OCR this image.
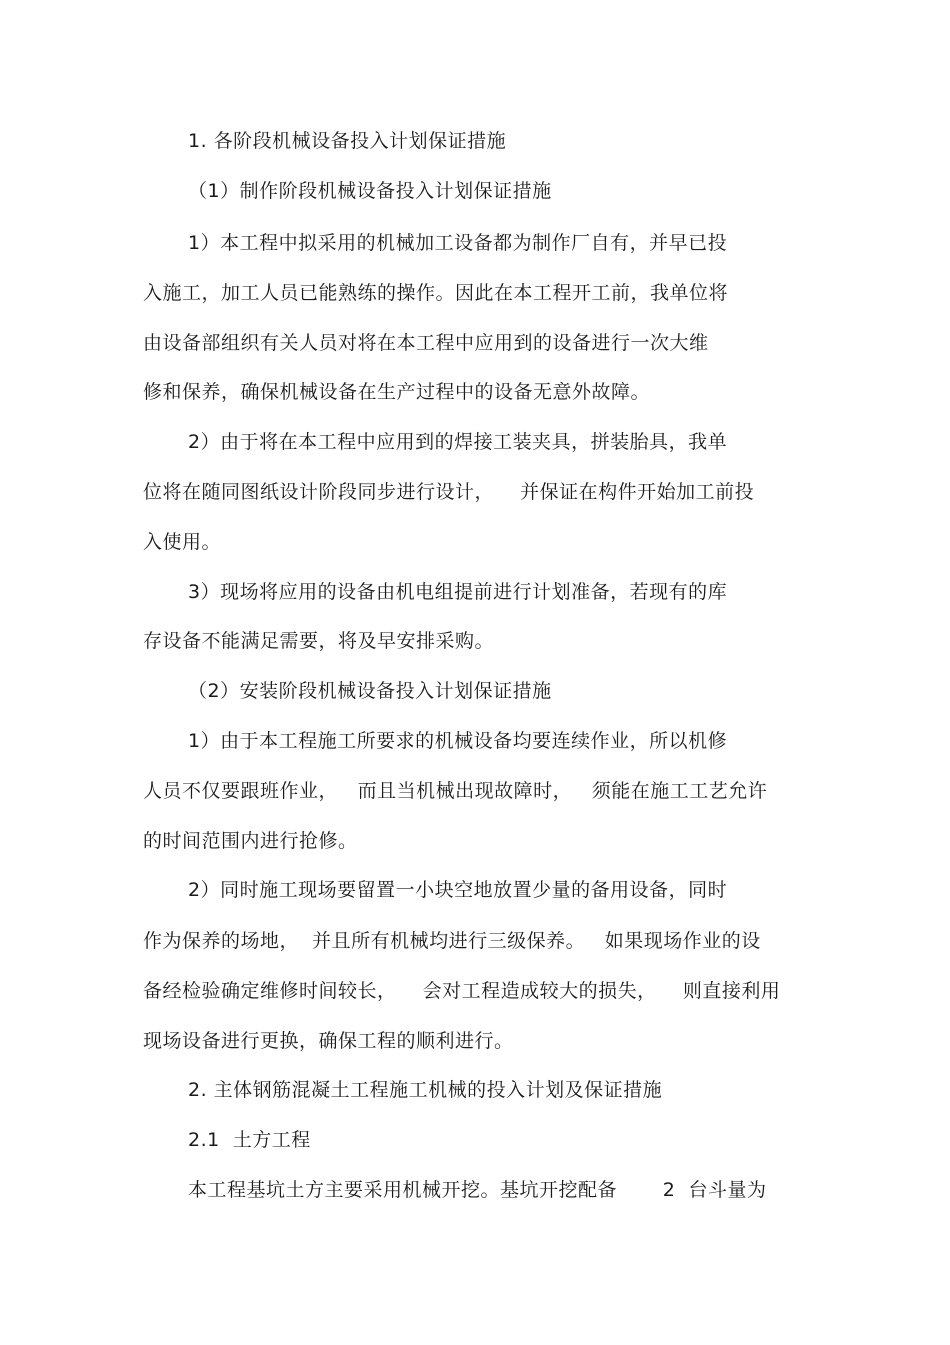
1. 各阶段机械设备投入计划保证措施
（1）制作阶段机械设备投入计划保证措施
1）本工程中拟采用的机械加工设备都为制作厂自有，并早已投
入施工，加工人员已能熟练的操作。因此在本工程开工前，我单位将
由设备部组织有关人员对将在本工程中应用到的设备进行一次大维
修和保养，确保机械设备在生产过程中的设备无意外故障。
2）由于将在本工程中应用到的焊接工装夹具，拼装胎具，我单
位将在随同图纸设计阶段同步进行设计，    并保证在构件开始加工前投
入使用。
3）现场将应用的设备由机电组提前进行计划准备，若现有的库
存设备不能满足需要，将及早安排采购。
（2）安装阶段机械设备投入计划保证措施
1）由于本工程施工所要求的机械设备均要连续作业，所以机修
人员不仅要跟班作业，   而且当机械出现故障时，   须能在施工工艺允许
的时间范围内进行抢修。
2）同时施工现场要留置一小块空地放置少量的备用设备，同时
作为保养的场地，  并且所有机械均进行三级保养。   如果现场作业的设
备经检验确定维修时间较长，    会对工程造成较大的损失，    则直接利用
现场设备进行更换，确保工程的顺利进行。
2. 主体钢筋混凝土工程施工机械的投入计划及保证措施
2.1  土方工程
本工程基坑土方主要采用机械开挖。基坑开挖配备       2  台斗量为
